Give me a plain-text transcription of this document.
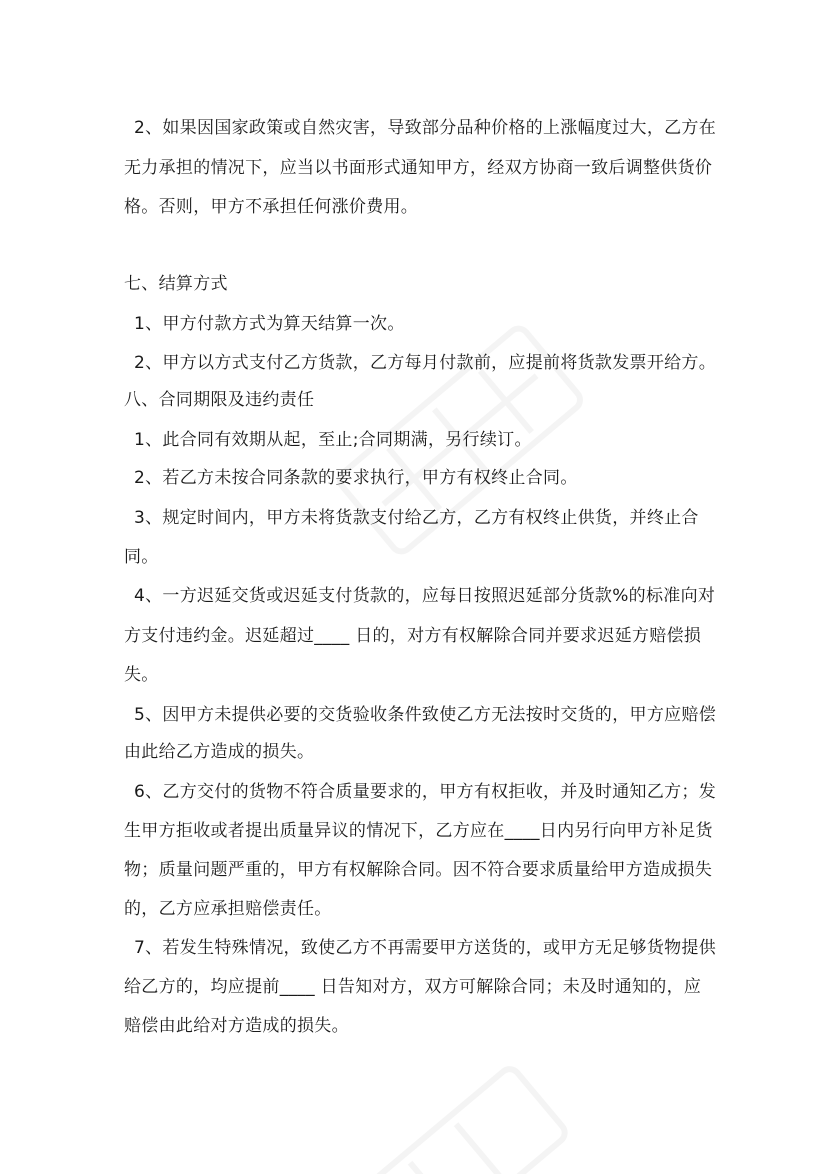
2、如果因国家政策或自然灾害，导致部分品种价格的上涨幅度过大，乙方在
无力承担的情况下，应当以书面形式通知甲方，经双方协商一致后调整供货价
格。否则，甲方不承担任何涨价费用。
七、结算方式
1、甲方付款方式为算天结算一次。
2、甲方以方式支付乙方货款，乙方每月付款前，应提前将货款发票开给方。
八、合同期限及违约责任
1、此合同有效期从起，至止;合同期满，另行续订。
2、若乙方未按合同条款的要求执行，甲方有权终止合同。
3、规定时间内，甲方未将货款支付给乙方，乙方有权终止供货，并终止合
同。
4、一方迟延交货或迟延支付货款的，应每日按照迟延部分货款%的标准向对
方支付违约金。迟延超过____ 日的，对方有权解除合同并要求迟延方赔偿损
失。
5、因甲方未提供必要的交货验收条件致使乙方无法按时交货的，甲方应赔偿
由此给乙方造成的损失。
6、乙方交付的货物不符合质量要求的，甲方有权拒收，并及时通知乙方；发
生甲方拒收或者提出质量异议的情况下，乙方应在____日内另行向甲方补足货
物；质量问题严重的，甲方有权解除合同。因不符合要求质量给甲方造成损失
的，乙方应承担赔偿责任。
7、若发生特殊情况，致使乙方不再需要甲方送货的，或甲方无足够货物提供
给乙方的，均应提前____ 日告知对方，双方可解除合同；未及时通知的，应
赔偿由此给对方造成的损失。
